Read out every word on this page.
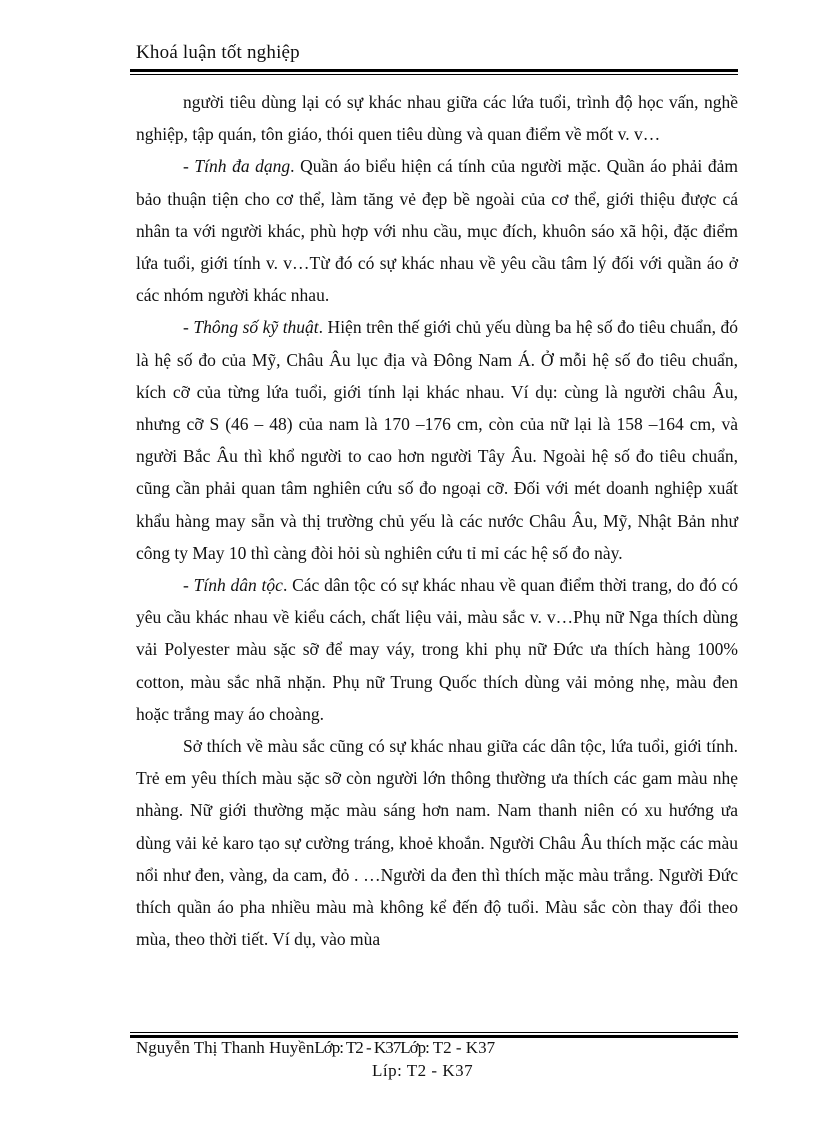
Khoá luận tốt nghiệp

người tiêu dùng lại có sự khác nhau giữa các lứa tuổi, trình độ học vấn, nghề nghiệp, tập quán, tôn giáo, thói quen tiêu dùng và quan điểm về mốt v. v…

- Tính đa dạng. Quần áo biểu hiện cá tính của người mặc. Quần áo phải đảm bảo thuận tiện cho cơ thể, làm tăng vẻ đẹp bề ngoài của cơ thể, giới thiệu được cá nhân ta với người khác, phù hợp với nhu cầu, mục đích, khuôn sáo xã hội, đặc điểm lứa tuổi, giới tính v. v…Từ đó có sự khác nhau về yêu cầu tâm lý đối với quần áo ở các nhóm người khác nhau.

- Thông số kỹ thuật. Hiện trên thế giới chủ yếu dùng ba hệ số đo tiêu chuẩn, đó là hệ số đo của Mỹ, Châu Âu lục địa và Đông Nam Á. Ở mỗi hệ số đo tiêu chuẩn, kích cỡ của từng lứa tuổi, giới tính lại khác nhau. Ví dụ: cùng là người châu Âu, nhưng cỡ S (46 – 48) của nam là 170 –176 cm, còn của nữ lại là 158 –164 cm, và người Bắc Âu thì khổ người to cao hơn người Tây Âu. Ngoài hệ số đo tiêu chuẩn, cũng cần phải quan tâm nghiên cứu số đo ngoại cỡ. Đối với mét doanh nghiệp xuất khẩu hàng may sẵn và thị trường chủ yếu là các nước Châu Âu, Mỹ, Nhật Bản như công ty May 10 thì càng đòi hỏi sù nghiên cứu tỉ mỉ các hệ số đo này.

- Tính dân tộc. Các dân tộc có sự khác nhau về quan điểm thời trang, do đó có yêu cầu khác nhau về kiểu cách, chất liệu vải, màu sắc v. v…Phụ nữ Nga thích dùng vải Polyester màu sặc sỡ để may váy, trong khi phụ nữ Đức ưa thích hàng 100% cotton, màu sắc nhã nhặn. Phụ nữ Trung Quốc thích dùng vải mỏng nhẹ, màu đen hoặc trắng may áo choàng.

Sở thích về màu sắc cũng có sự khác nhau giữa các dân tộc, lứa tuổi, giới tính. Trẻ em yêu thích màu sặc sỡ còn người lớn thông thường ưa thích các gam màu nhẹ nhàng. Nữ giới thường mặc màu sáng hơn nam. Nam thanh niên có xu hướng ưa dùng vải kẻ karo tạo sự cường tráng, khoẻ khoắn. Người Châu Âu thích mặc các màu nổi như đen, vàng, da cam, đỏ . …Người da đen thì thích mặc màu trắng. Người Đức thích quần áo pha nhiều màu mà không kể đến độ tuổi. Màu sắc còn thay đổi theo mùa, theo thời tiết. Ví dụ, vào mùa

Nguyễn Thị Thanh HuyềnLớp: T2 - K37Lớp: T2 - K37
Líp: T2 - K37
